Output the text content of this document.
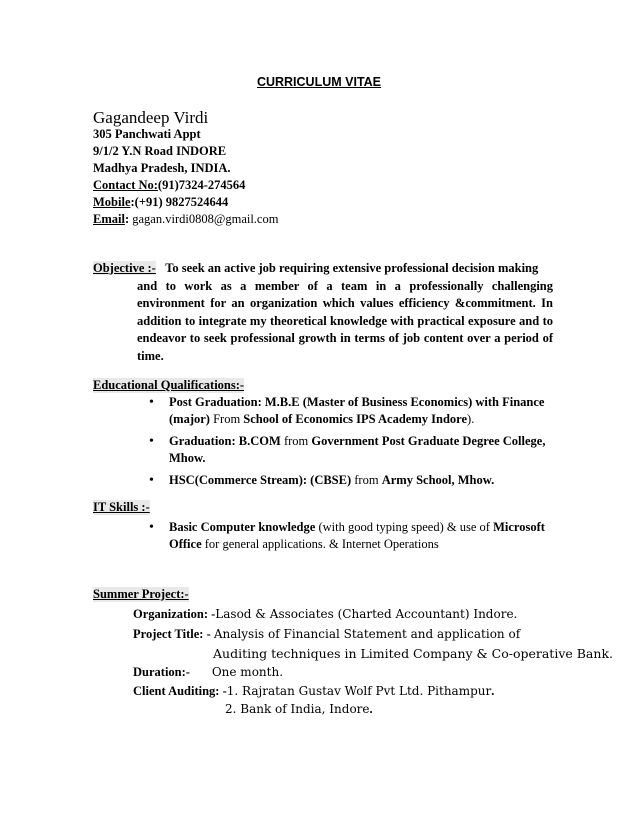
CURRICULUM VITAE
Gagandeep Virdi
305 Panchwati Appt
9/1/2 Y.N Road INDORE
Madhya Pradesh, INDIA.
Contact No:(91)7324-274564
Mobile:(+91) 9827524644
Email: gagan.virdi0808@gmail.com
Objective :- To seek an active job requiring extensive professional decision making
and to work as a member of a team in a professionally challenging environment for an organization which values efficiency &commitment. In addition to integrate my theoretical knowledge with practical exposure and to endeavor to seek professional growth in terms of job content over a period of time.
Educational Qualifications:-
• Post Graduation: M.B.E (Master of Business Economics) with Finance (major) From School of Economics IPS Academy Indore).
• Graduation: B.COM from Government Post Graduate Degree College, Mhow.
• HSC(Commerce Stream): (CBSE) from Army School, Mhow.
IT Skills :-
• Basic Computer knowledge (with good typing speed) & use of Microsoft Office for general applications. & Internet Operations
Summer Project:-
Organization: -Lasod & Associates (Charted Accountant) Indore.
Project Title: - Analysis of Financial Statement and application of
Auditing techniques in Limited Company & Co-operative Bank.
Duration:- One month.
Client Auditing: -1. Rajratan Gustav Wolf Pvt Ltd. Pithampur.
2. Bank of India, Indore.
